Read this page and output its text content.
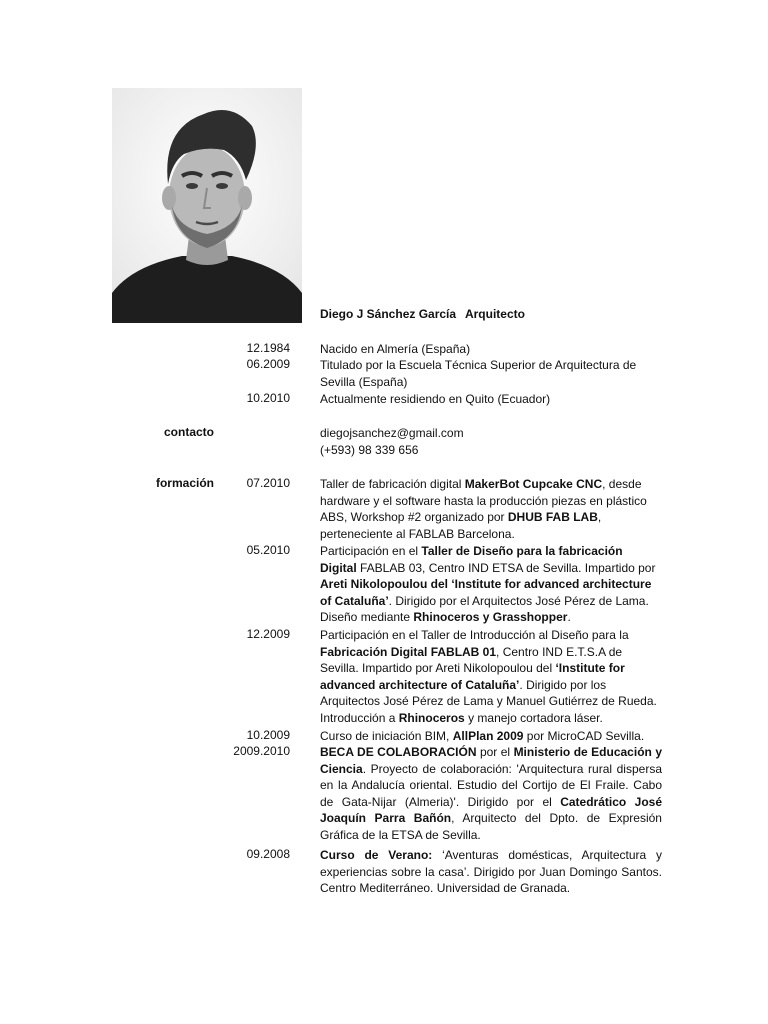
Diego J Sánchez García Arquitecto
12.1984	Nacido en Almería (España)
06.2009	Titulado por la Escuela Técnica Superior de Arquitectura de Sevilla (España)
10.2010	Actualmente residiendo en Quito (Ecuador)
contacto	diegojsanchez@gmail.com
(+593) 98 339 656
formación	07.2010	Taller de fabricación digital MakerBot Cupcake CNC, desde hardware y el software hasta la producción piezas en plástico ABS, Workshop #2 organizado por DHUB FAB LAB, perteneciente al FABLAB Barcelona.
05.2010	Participación en el Taller de Diseño para la fabricación Digital FABLAB 03, Centro IND ETSA de Sevilla. Impartido por Areti Nikolopoulou del ‘Institute for advanced architecture of Cataluña’. Dirigido por el Arquitectos José Pérez de Lama. Diseño mediante Rhinoceros y Grasshopper.
12.2009	Participación en el Taller de Introducción al Diseño para la Fabricación Digital FABLAB 01, Centro IND E.T.S.A de Sevilla. Impartido por Areti Nikolopoulou del ‘Institute for advanced architecture of Cataluña’. Dirigido por los Arquitectos José Pérez de Lama y Manuel Gutiérrez de Rueda. Introducción a Rhinoceros y manejo cortadora láser.
10.2009	Curso de iniciación BIM, AllPlan 2009 por MicroCAD Sevilla.
2009.2010	BECA DE COLABORACIÓN por el Ministerio de Educación y Ciencia. Proyecto de colaboración: 'Arquitectura rural dispersa en la Andalucía oriental. Estudio del Cortijo de El Fraile. Cabo de Gata-Nijar (Almeria)'. Dirigido por el Catedrático José Joaquín Parra Bañón, Arquitecto del Dpto. de Expresión Gráfica de la ETSA de Sevilla.
09.2008	Curso de Verano: ‘Aventuras domésticas, Arquitectura y experiencias sobre la casa’. Dirigido por Juan Domingo Santos. Centro Mediterráneo. Universidad de Granada.
